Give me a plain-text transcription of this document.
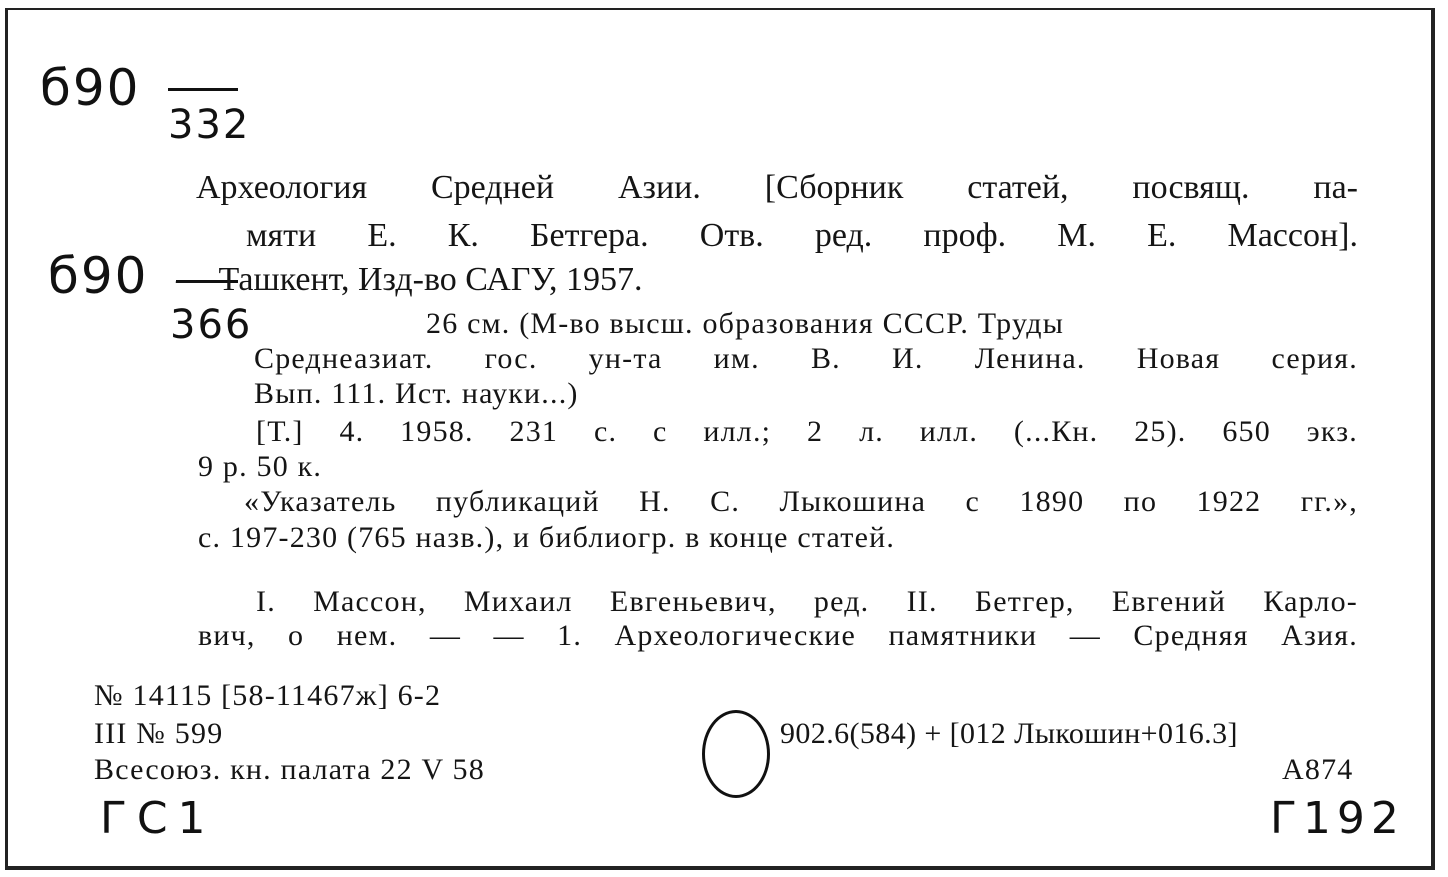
б90
332
б90
366
Археология Средней Азии. [Сборник статей, посвящ. па-
мяти Е. К. Бетгера. Отв. ред. проф. М. Е. Массон].
— Ташкент, Изд-во САГУ, 1957.
26 см. (М-во высш. образования СССР. Труды
Среднеазиат. гос. ун-та им. В. И. Ленина. Новая серия.
Вып. 111. Ист. науки...)
[Т.] 4. 1958. 231 с. с илл.; 2 л. илл. (...Кн. 25). 650 экз.
9 р. 50 к.
«Указатель публикаций Н. С. Лыкошина с 1890 по 1922 гг.»,
с. 197-230 (765 назв.), и библиогр. в конце статей.
I. Массон, Михаил Евгеньевич, ред. II. Бетгер, Евгений Карло-
вич, о нем. — — 1. Археологические памятники — Средняя Азия.
№ 14115 [58-11467ж] 6-2
III № 599
Всесоюз. кн. палата 22 V 58
902.6(584) + [012 Лыкошин+016.3]
А874
ГС1	Г192
